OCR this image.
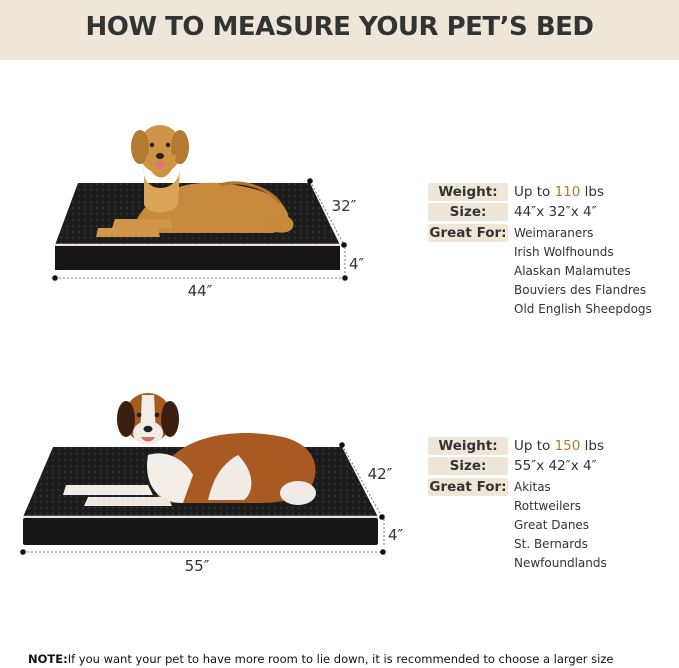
HOW TO MEASURE YOUR PET’S BED
44″
32″
4″
Weight:	Up to 110 lbs
Size:	44″x 32″x 4″
Great For: Weimaraners
Irish Wolfhounds
Alaskan Malamutes
Bouviers des Flandres
Old English Sheepdogs
55″
42″
4″
Weight:	Up to 150 lbs
Size:	55″x 42″x 4″
Great For: Akitas
Rottweilers
Great Danes
St. Bernards
Newfoundlands
NOTE:If you want your pet to have more room to lie down, it is recommended to choose a larger size
